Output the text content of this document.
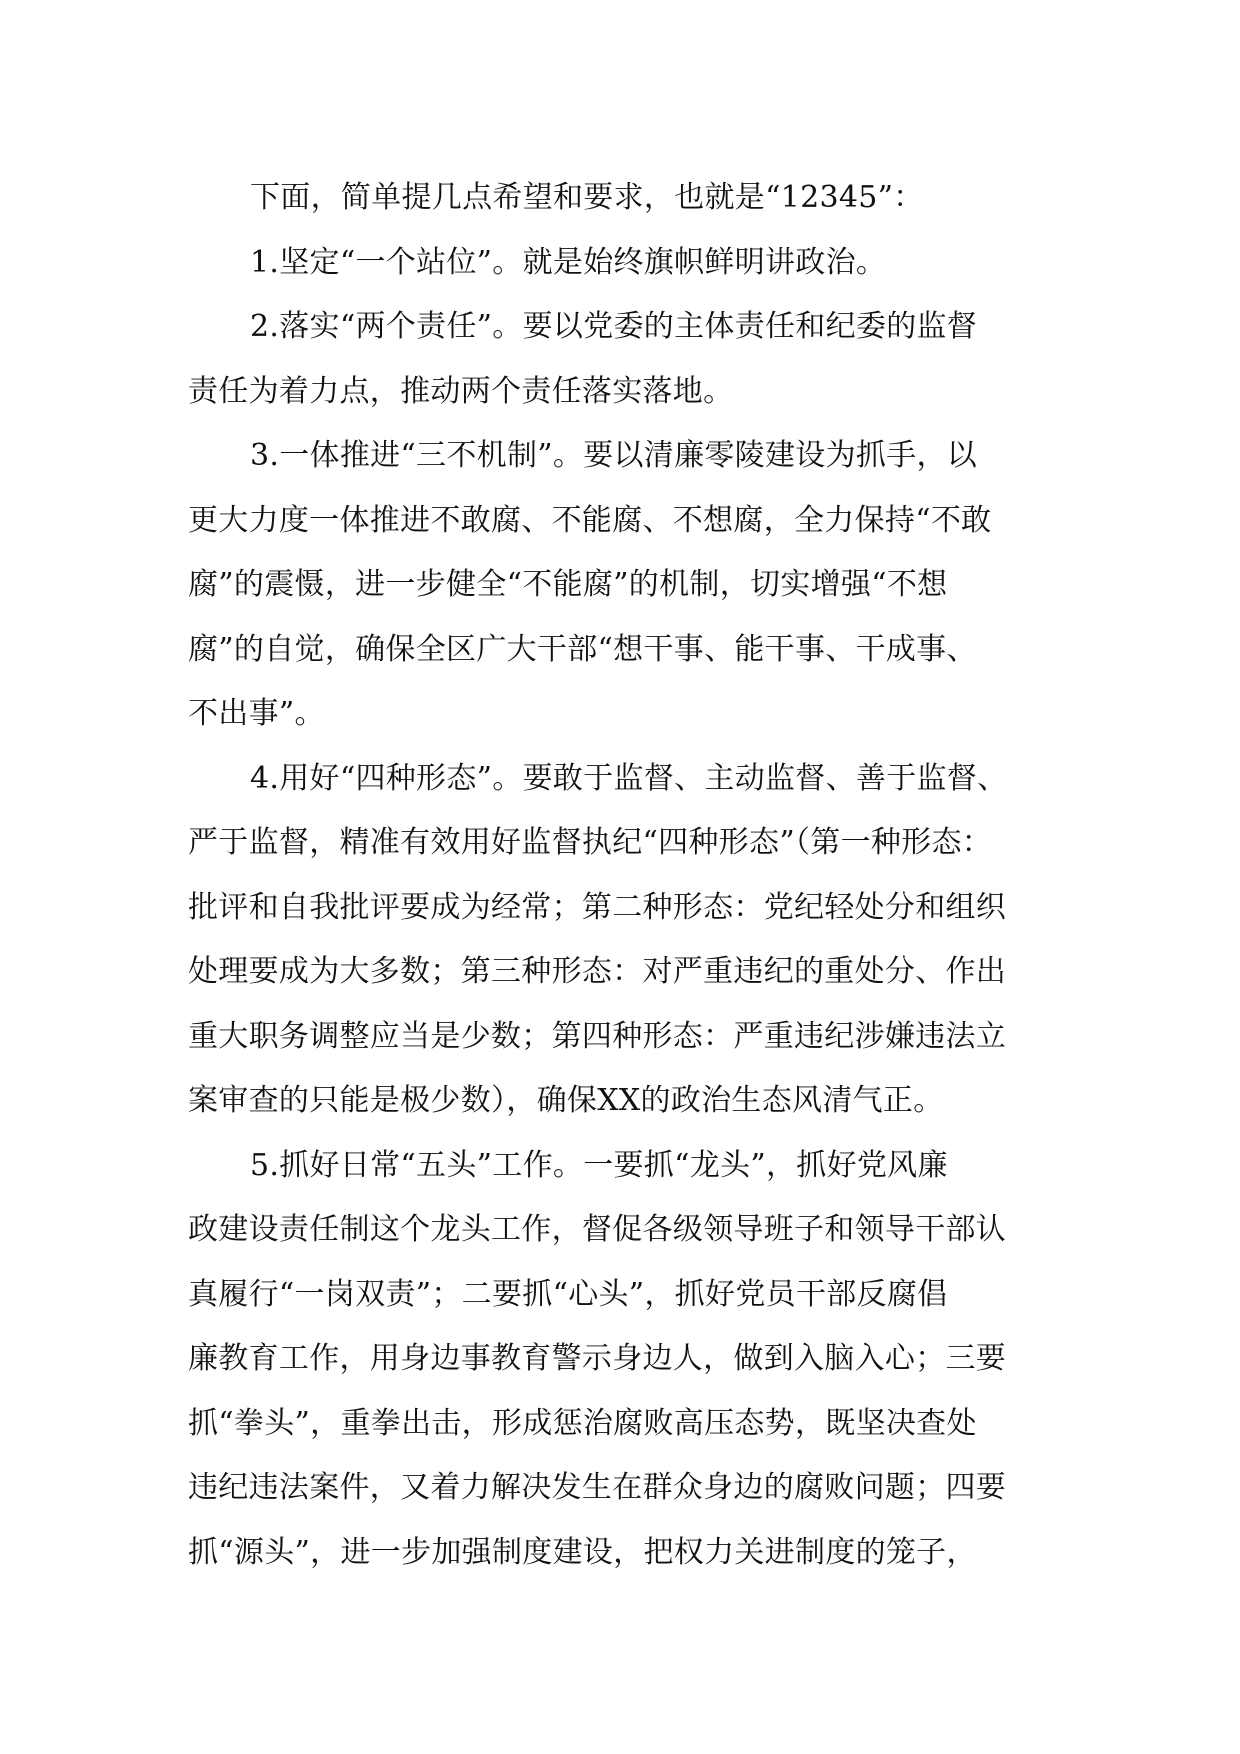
下面，简单提几点希望和要求，也就是“12345”：
1.坚定“一个站位”。就是始终旗帜鲜明讲政治。
2.落实“两个责任”。要以党委的主体责任和纪委的监督
责任为着力点，推动两个责任落实落地。
3.一体推进“三不机制”。要以清廉零陵建设为抓手，以
更大力度一体推进不敢腐、不能腐、不想腐，全力保持“不敢
腐”的震慑，进一步健全“不能腐”的机制，切实增强“不想
腐”的自觉，确保全区广大干部“想干事、能干事、干成事、
不出事”。
4.用好“四种形态”。要敢于监督、主动监督、善于监督、
严于监督，精准有效用好监督执纪“四种形态”（第一种形态：
批评和自我批评要成为经常；第二种形态：党纪轻处分和组织
处理要成为大多数；第三种形态：对严重违纪的重处分、作出
重大职务调整应当是少数；第四种形态：严重违纪涉嫌违法立
案审查的只能是极少数），确保XX的政治生态风清气正。
5.抓好日常“五头”工作。一要抓“龙头”，抓好党风廉
政建设责任制这个龙头工作，督促各级领导班子和领导干部认
真履行“一岗双责”；二要抓“心头”，抓好党员干部反腐倡
廉教育工作，用身边事教育警示身边人，做到入脑入心；三要
抓“拳头”，重拳出击，形成惩治腐败高压态势，既坚决查处
违纪违法案件，又着力解决发生在群众身边的腐败问题；四要
抓“源头”，进一步加强制度建设，把权力关进制度的笼子，
